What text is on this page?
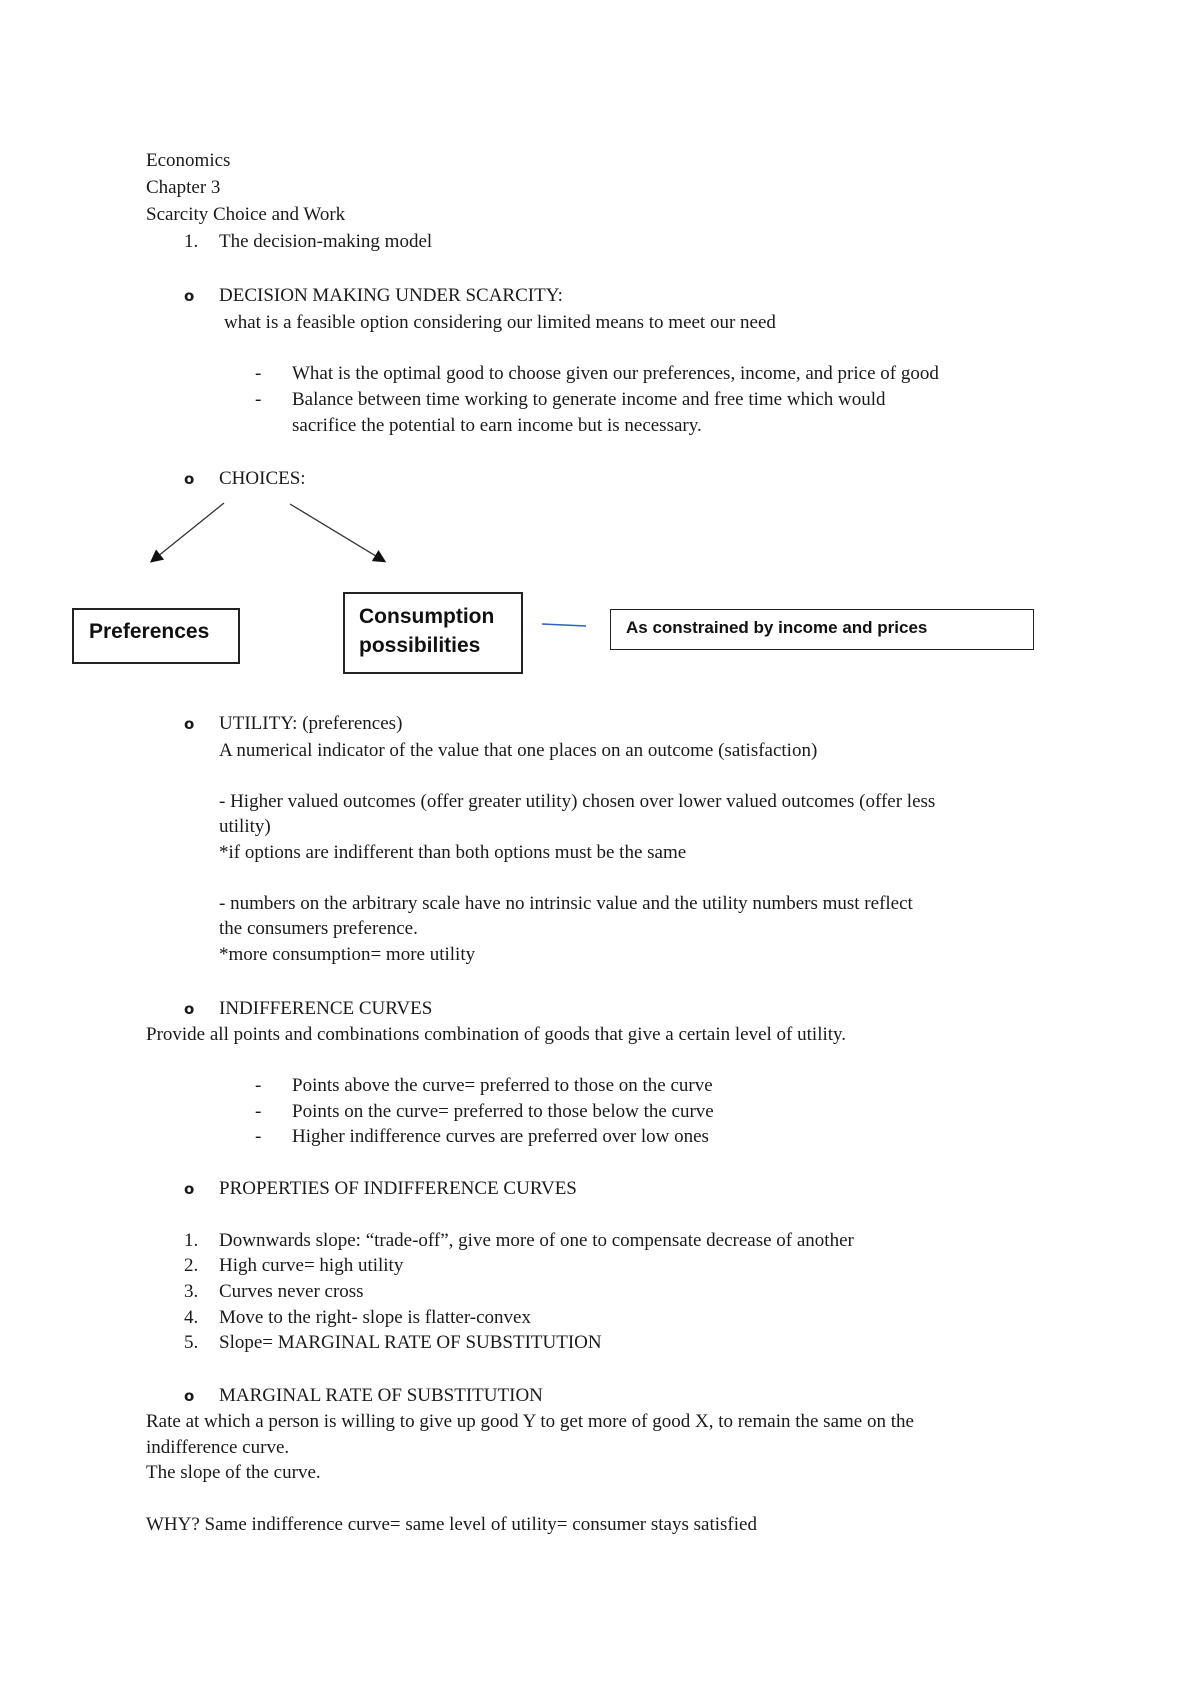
Economics
Chapter 3
Scarcity Choice and Work
1. The decision-making model
o DECISION MAKING UNDER SCARCITY:
what is a feasible option considering our limited means to meet our need
- What is the optimal good to choose given our preferences, income, and price of good
- Balance between time working to generate income and free time which would
sacrifice the potential to earn income but is necessary.
o CHOICES:
Preferences
Consumption
possibilities
As constrained by income and prices
o UTILITY: (preferences)
A numerical indicator of the value that one places on an outcome (satisfaction)
- Higher valued outcomes (offer greater utility) chosen over lower valued outcomes (offer less
utility)
*if options are indifferent than both options must be the same
- numbers on the arbitrary scale have no intrinsic value and the utility numbers must reflect
the consumers preference.
*more consumption= more utility
o INDIFFERENCE CURVES
Provide all points and combinations combination of goods that give a certain level of utility.
- Points above the curve= preferred to those on the curve
- Points on the curve= preferred to those below the curve
- Higher indifference curves are preferred over low ones
o PROPERTIES OF INDIFFERENCE CURVES
1. Downwards slope: “trade-off”, give more of one to compensate decrease of another
2. High curve= high utility
3. Curves never cross
4. Move to the right- slope is flatter-convex
5. Slope= MARGINAL RATE OF SUBSTITUTION
o MARGINAL RATE OF SUBSTITUTION
Rate at which a person is willing to give up good Y to get more of good X, to remain the same on the
indifference curve.
The slope of the curve.
WHY? Same indifference curve= same level of utility= consumer stays satisfied
